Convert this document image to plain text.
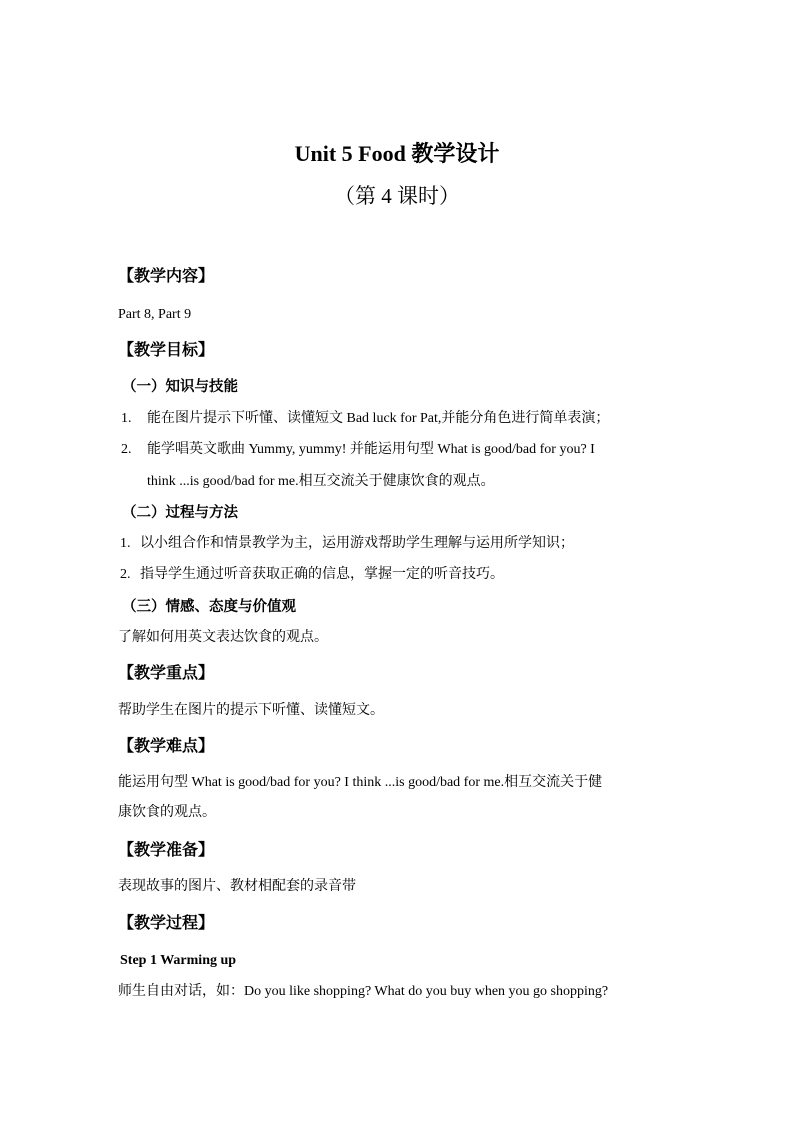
Unit 5 Food 教学设计
（第 4 课时）
【教学内容】
Part 8, Part 9
【教学目标】
（一）知识与技能
1. 能在图片提示下听懂、读懂短文 Bad luck for Pat,并能分角色进行简单表演；
2. 能学唱英文歌曲 Yummy, yummy! 并能运用句型 What is good/bad for you? I
think ...is good/bad for me.相互交流关于健康饮食的观点。
（二）过程与方法
1. 以小组合作和情景教学为主，运用游戏帮助学生理解与运用所学知识；
2. 指导学生通过听音获取正确的信息，掌握一定的听音技巧。
（三）情感、态度与价值观
了解如何用英文表达饮食的观点。
【教学重点】
帮助学生在图片的提示下听懂、读懂短文。
【教学难点】
能运用句型 What is good/bad for you? I think ...is good/bad for me.相互交流关于健
康饮食的观点。
【教学准备】
表现故事的图片、教材相配套的录音带
【教学过程】
Step 1 Warming up
师生自由对话，如：Do you like shopping? What do you buy when you go shopping?
